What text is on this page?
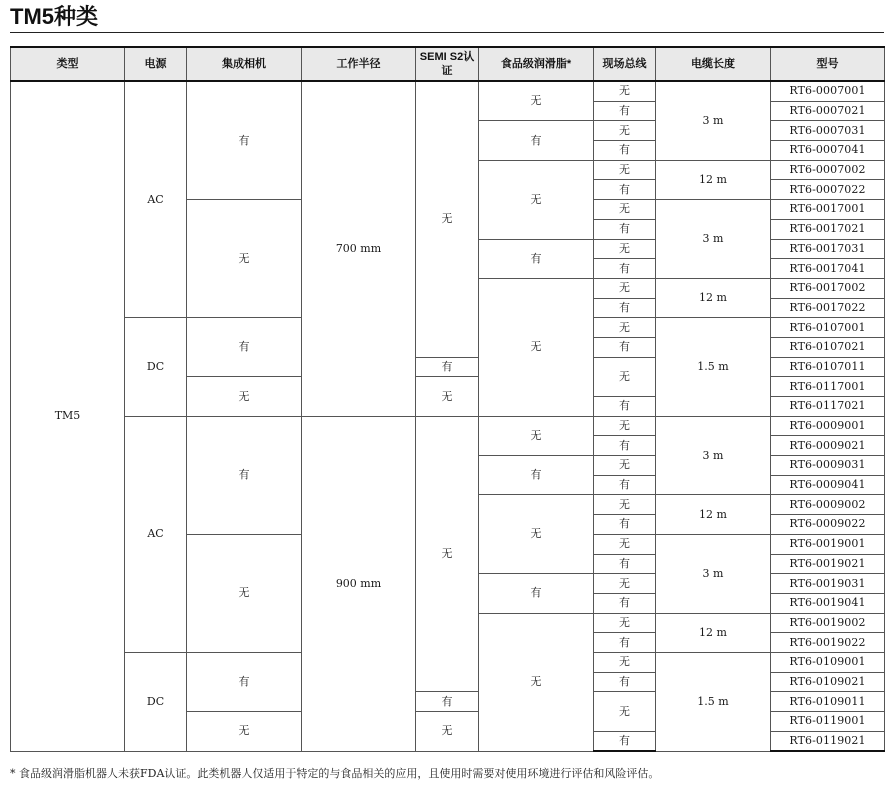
TM5种类
类型	电源	集成相机	工作半径	SEMI S2认证	食品级润滑脂*	现场总线	电缆长度	型号
TM5	AC	有	700 mm	无	无	无	3 m	RT6-0007001
						有		RT6-0007021
					有	无		RT6-0007031
						有		RT6-0007041
					无	无	12 m	RT6-0007002
						有		RT6-0007022
		无				无	3 m	RT6-0017001
						有		RT6-0017021
					有	无		RT6-0017031
						有		RT6-0017041
					无	无	12 m	RT6-0017002
						有		RT6-0017022
	DC	有				无	1.5 m	RT6-0107001
						有		RT6-0107021
				有		无		RT6-0107011
		无		无				RT6-0117001
						有		RT6-0117021
	AC	有	900 mm	无	无	无	3 m	RT6-0009001
						有		RT6-0009021
					有	无		RT6-0009031
						有		RT6-0009041
					无	无	12 m	RT6-0009002
						有		RT6-0009022
		无				无	3 m	RT6-0019001
						有		RT6-0019021
					有	无		RT6-0019031
						有		RT6-0019041
					无	无	12 m	RT6-0019002
						有		RT6-0019022
	DC	有				无	1.5 m	RT6-0109001
						有		RT6-0109021
				有		无		RT6-0109011
		无		无				RT6-0119001
						有		RT6-0119021

* 食品级润滑脂机器人未获FDA认证。此类机器人仅适用于特定的与食品相关的应用，且使用时需要对使用环境进行评估和风险评估。
